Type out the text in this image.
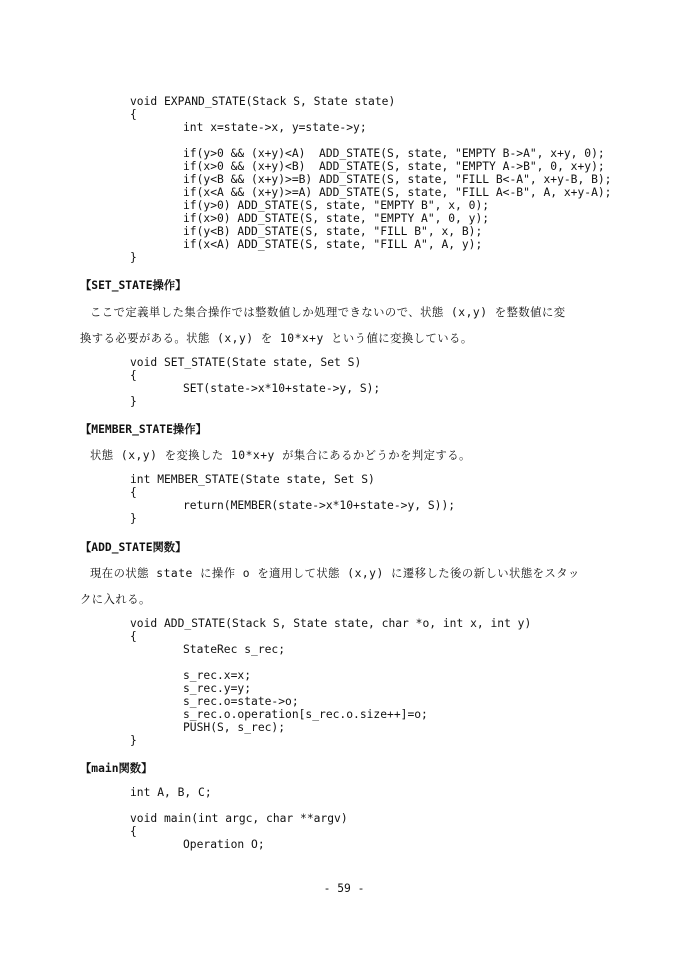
void EXPAND_STATE(Stack S, State state)
{
int x=state->x, y=state->y;
if(y>0 && (x+y)<A)  ADD_STATE(S, state, "EMPTY B->A", x+y, 0);
if(x>0 && (x+y)<B)  ADD_STATE(S, state, "EMPTY A->B", 0, x+y);
if(y<B && (x+y)>=B) ADD_STATE(S, state, "FILL B<-A", x+y-B, B);
if(x<A && (x+y)>=A) ADD_STATE(S, state, "FILL A<-B", A, x+y-A);
if(y>0) ADD_STATE(S, state, "EMPTY B", x, 0);
if(x>0) ADD_STATE(S, state, "EMPTY A", 0, y);
if(y<B) ADD_STATE(S, state, "FILL B", x, B);
if(x<A) ADD_STATE(S, state, "FILL A", A, y);
}
【SET_STATE操作】
ここで定義単した集合操作では整数値しか処理できないので、状態 (x,y) を整数値に変
換する必要がある。状態 (x,y) を 10*x+y という値に変換している。
void SET_STATE(State state, Set S)
{
SET(state->x*10+state->y, S);
}
【MEMBER_STATE操作】
状態 (x,y) を変換した 10*x+y が集合にあるかどうかを判定する。
int MEMBER_STATE(State state, Set S)
{
return(MEMBER(state->x*10+state->y, S));
}
【ADD_STATE関数】
現在の状態 state に操作 o を適用して状態 (x,y) に遷移した後の新しい状態をスタッ
クに入れる。
void ADD_STATE(Stack S, State state, char *o, int x, int y)
{
StateRec s_rec;
s_rec.x=x;
s_rec.y=y;
s_rec.o=state->o;
s_rec.o.operation[s_rec.o.size++]=o;
PUSH(S, s_rec);
}
【main関数】
int A, B, C;
void main(int argc, char **argv)
{
Operation O;
- 59 -
